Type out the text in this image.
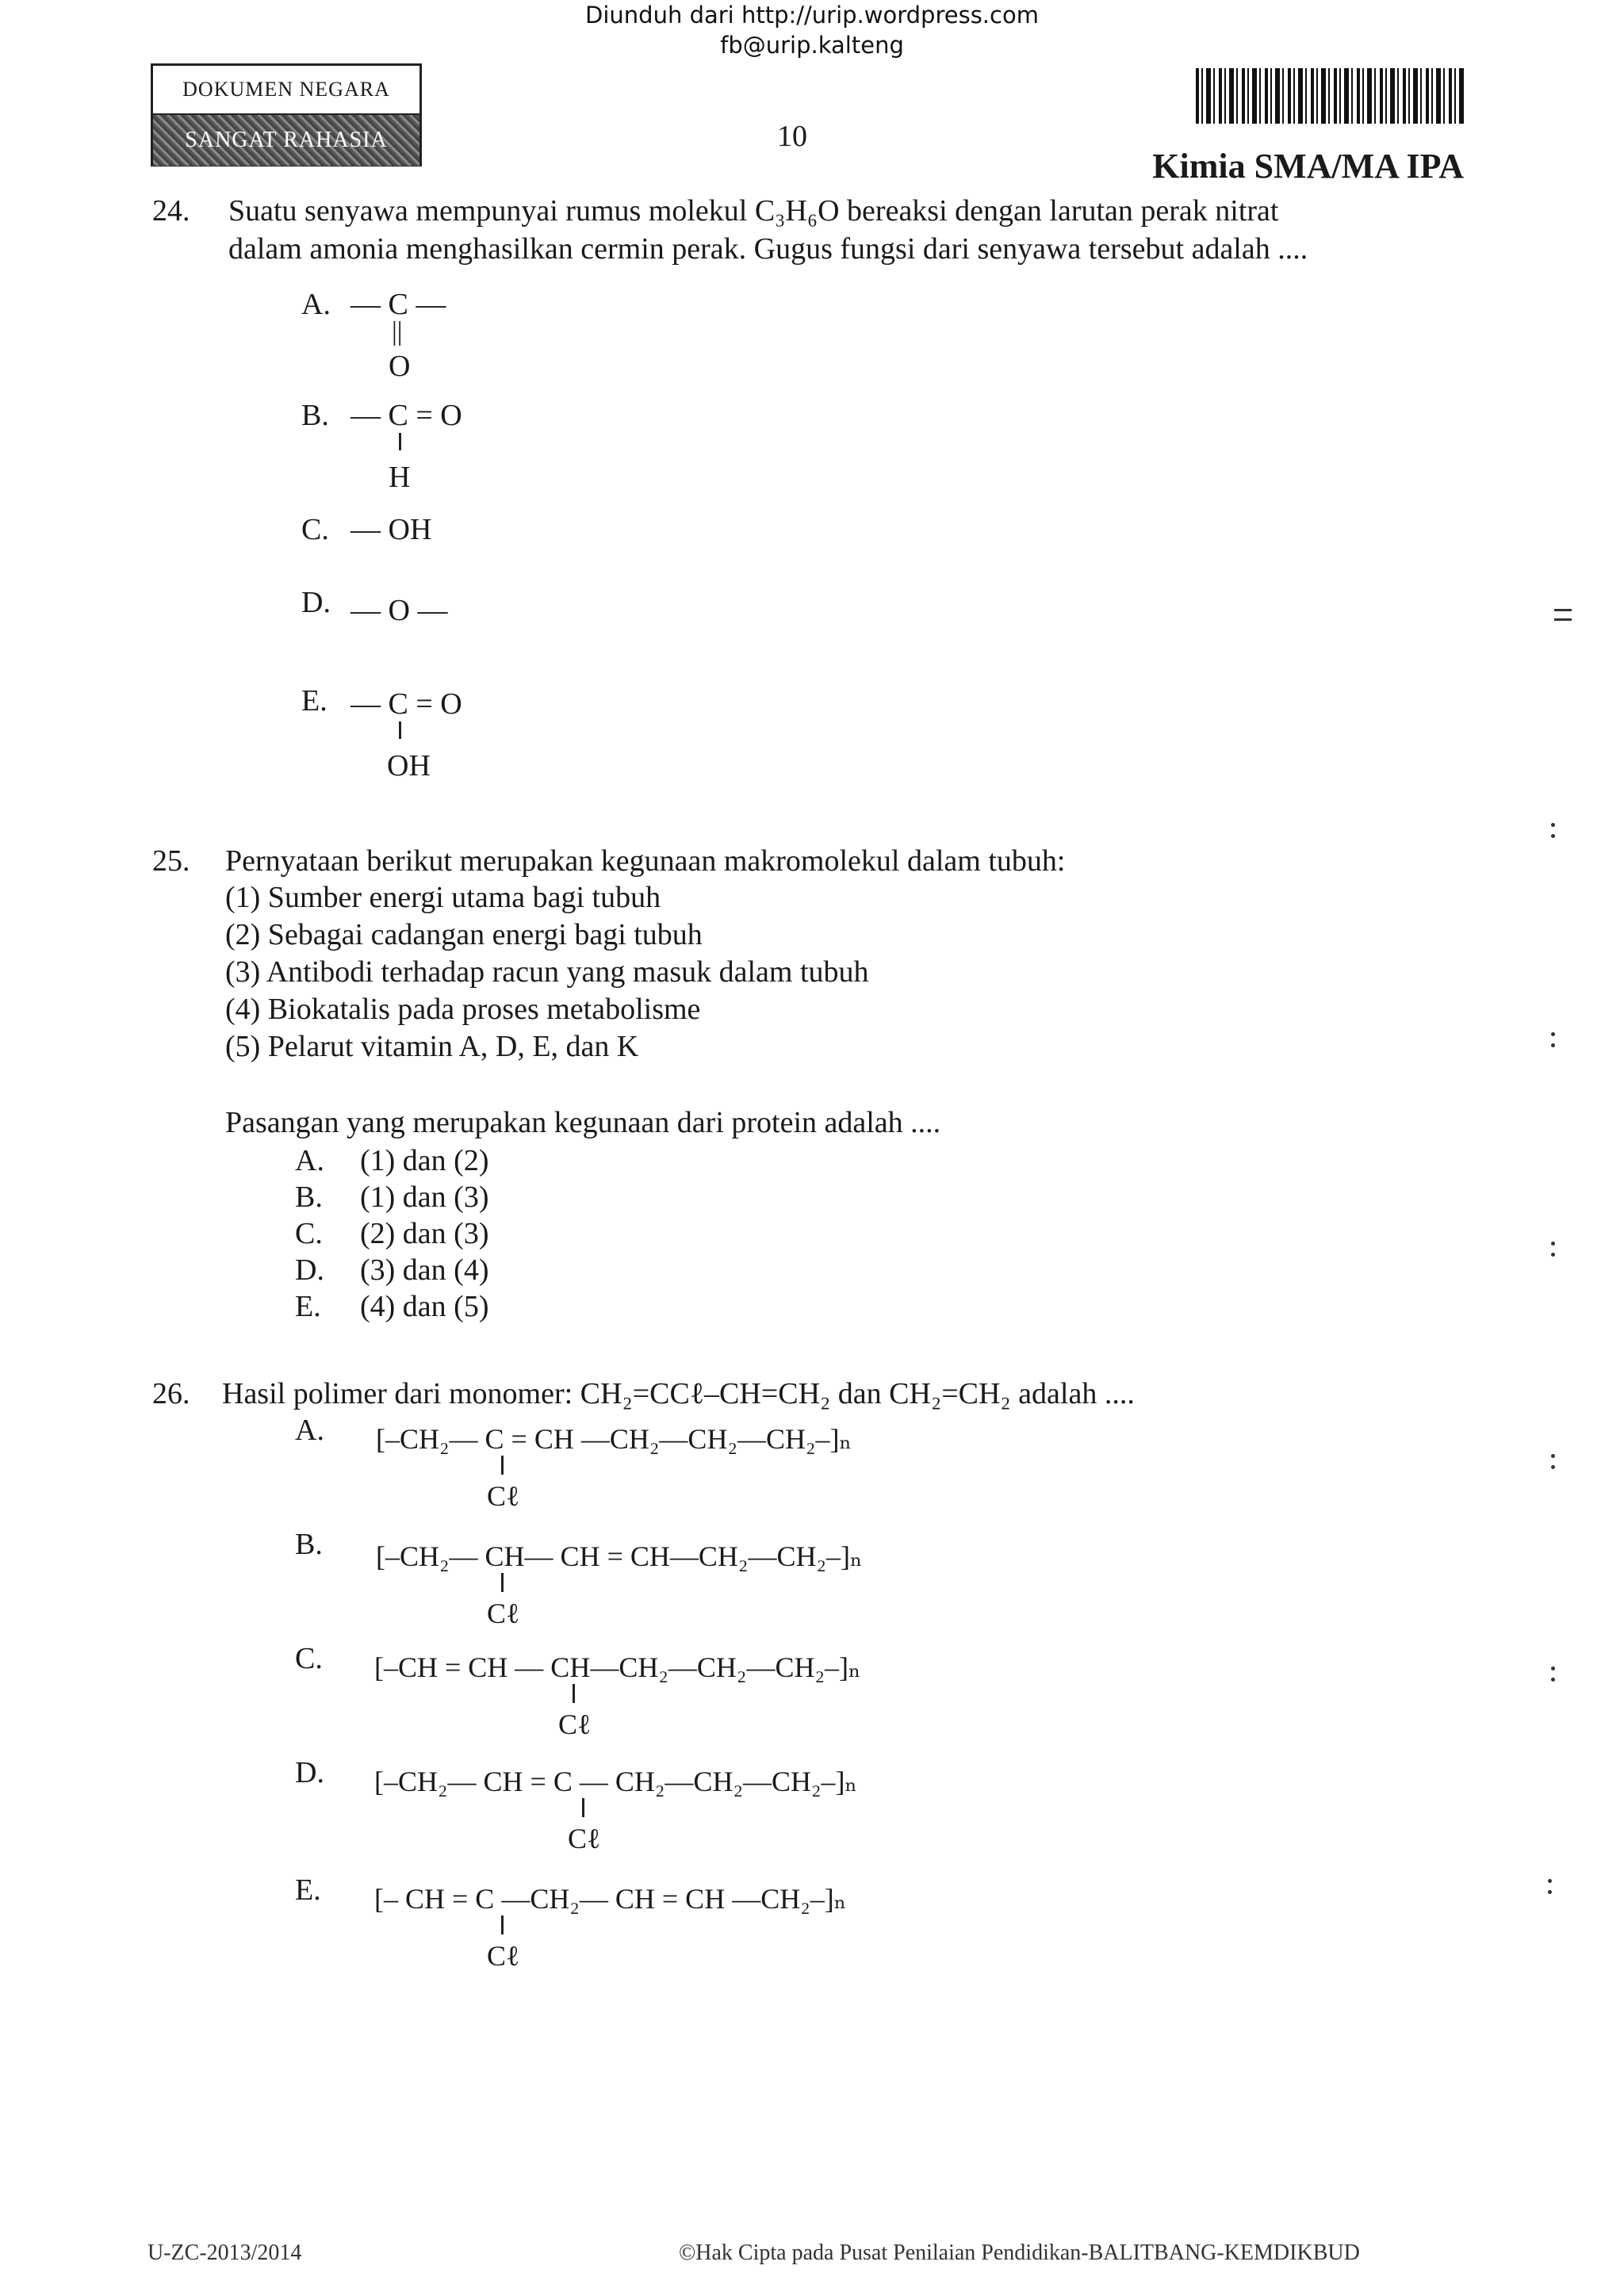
Diunduh dari http://urip.wordpress.com
fb@urip.kalteng
DOKUMEN NEGARA
SANGAT RAHASIA	10
Kimia SMA/MA IPA
24. Suatu senyawa mempunyai rumus molekul C₃H₆O bereaksi dengan larutan perak nitrat
dalam amonia menghasilkan cermin perak. Gugus fungsi dari senyawa tersebut adalah ....
A. — C —
||
O
B. — C = O
H
C. — OH
D. — O —
E. — C = O
OH
25. Pernyataan berikut merupakan kegunaan makromolekul dalam tubuh:
(1) Sumber energi utama bagi tubuh
(2) Sebagai cadangan energi bagi tubuh
(3) Antibodi terhadap racun yang masuk dalam tubuh
(4) Biokatalis pada proses metabolisme
(5) Pelarut vitamin A, D, E, dan K
Pasangan yang merupakan kegunaan dari protein adalah ....
A. (1) dan (2)
B. (1) dan (3)
C. (2) dan (3)
D. (3) dan (4)
E. (4) dan (5)
26. Hasil polimer dari monomer: CH₂=CCℓ–CH=CH₂ dan CH₂=CH₂ adalah ....
A. [–CH₂— C = CH —CH₂—CH₂—CH₂–]ₙ
Cℓ
B. [–CH₂— CH— CH = CH—CH₂—CH₂–]ₙ
Cℓ
C. [–CH = CH — CH—CH₂—CH₂—CH₂–]ₙ
Cℓ
D. [–CH₂— CH = C — CH₂—CH₂—CH₂–]ₙ
Cℓ
E. [– CH = C —CH₂— CH = CH —CH₂–]ₙ
Cℓ
U-ZC-2013/2014	©Hak Cipta pada Pusat Penilaian Pendidikan-BALITBANG-KEMDIKBUD
